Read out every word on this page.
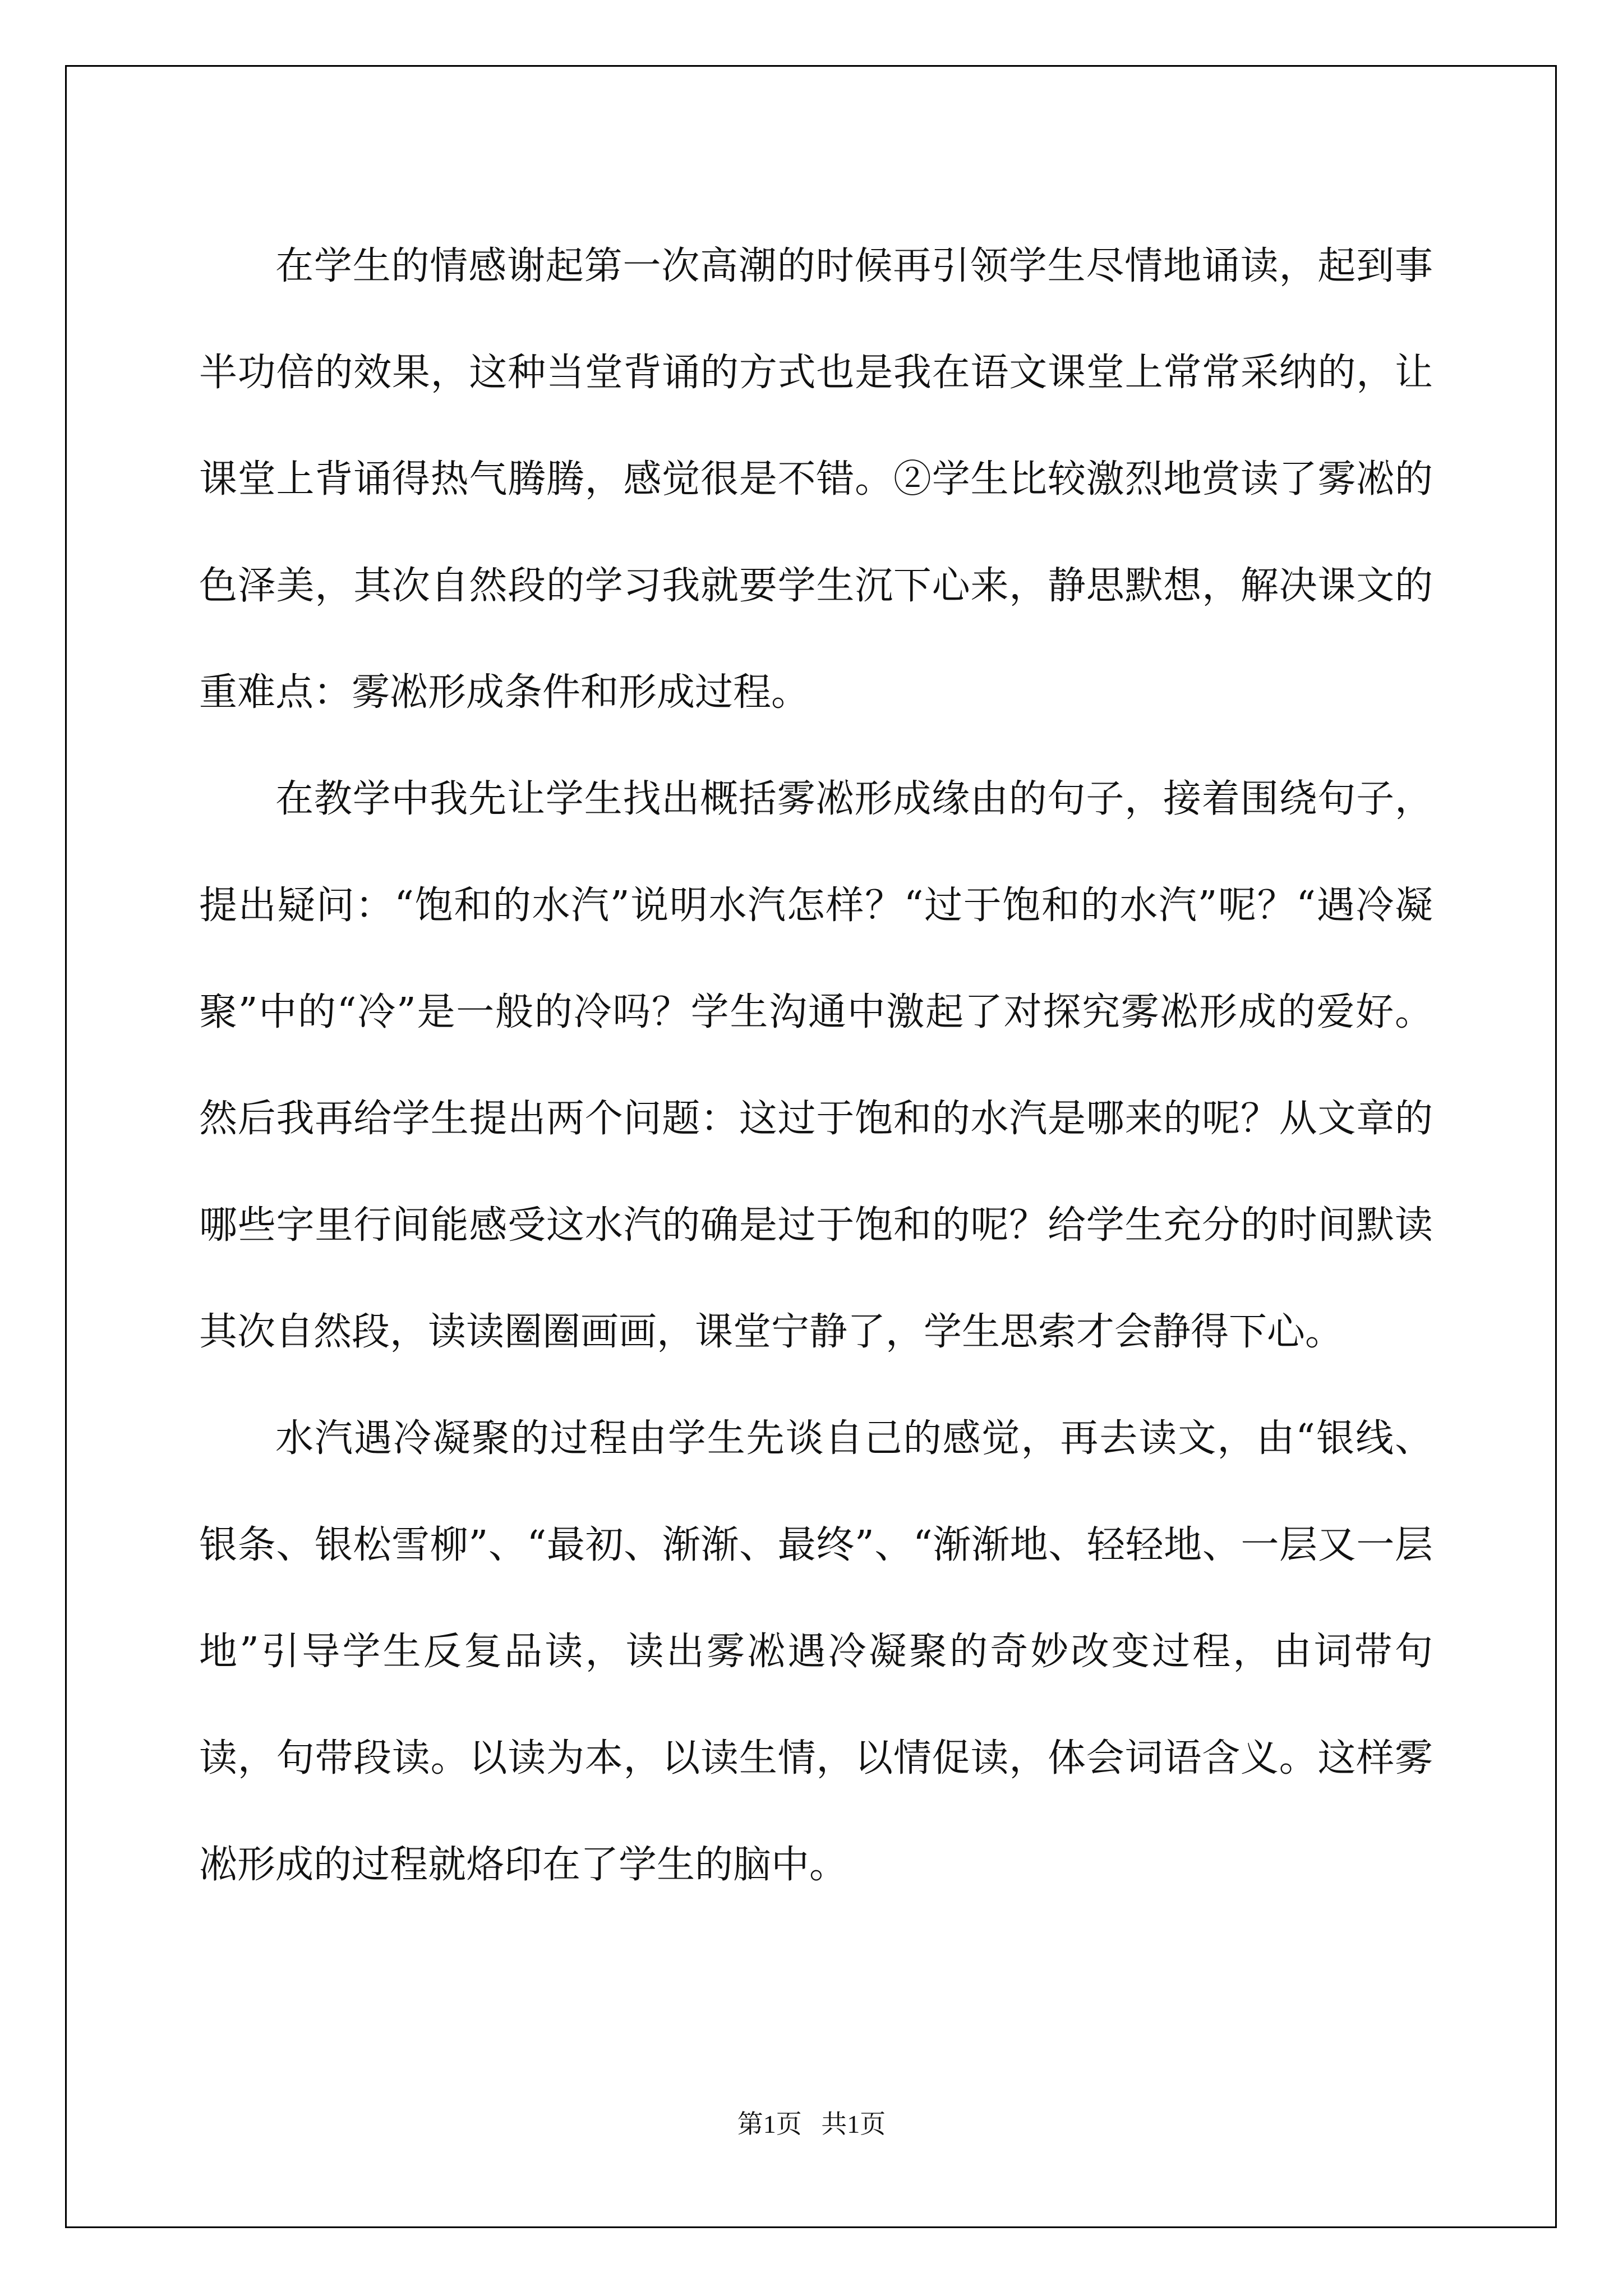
在学生的情感谢起第一次高潮的时候再引领学生尽情地诵读，起到事半功倍的效果，这种当堂背诵的方式也是我在语文课堂上常常采纳的，让课堂上背诵得热气腾腾，感觉很是不错。②学生比较激烈地赏读了雾凇的色泽美，其次自然段的学习我就要学生沉下心来，静思默想，解决课文的重难点：雾凇形成条件和形成过程。

在教学中我先让学生找出概括雾凇形成缘由的句子，接着围绕句子，提出疑问：“饱和的水汽”说明水汽怎样？“过于饱和的水汽”呢？“遇冷凝聚”中的“冷”是一般的冷吗？学生沟通中激起了对探究雾凇形成的爱好。然后我再给学生提出两个问题：这过于饱和的水汽是哪来的呢？从文章的哪些字里行间能感受这水汽的确是过于饱和的呢？给学生充分的时间默读其次自然段，读读圈圈画画，课堂宁静了，学生思索才会静得下心。

水汽遇冷凝聚的过程由学生先谈自己的感觉，再去读文，由“银线、银条、银松雪柳”、“最初、渐渐、最终”、“渐渐地、轻轻地、一层又一层地”引导学生反复品读，读出雾凇遇冷凝聚的奇妙改变过程，由词带句读，句带段读。以读为本，以读生情，以情促读，体会词语含义。这样雾凇形成的过程就烙印在了学生的脑中。

第1页 共1页
